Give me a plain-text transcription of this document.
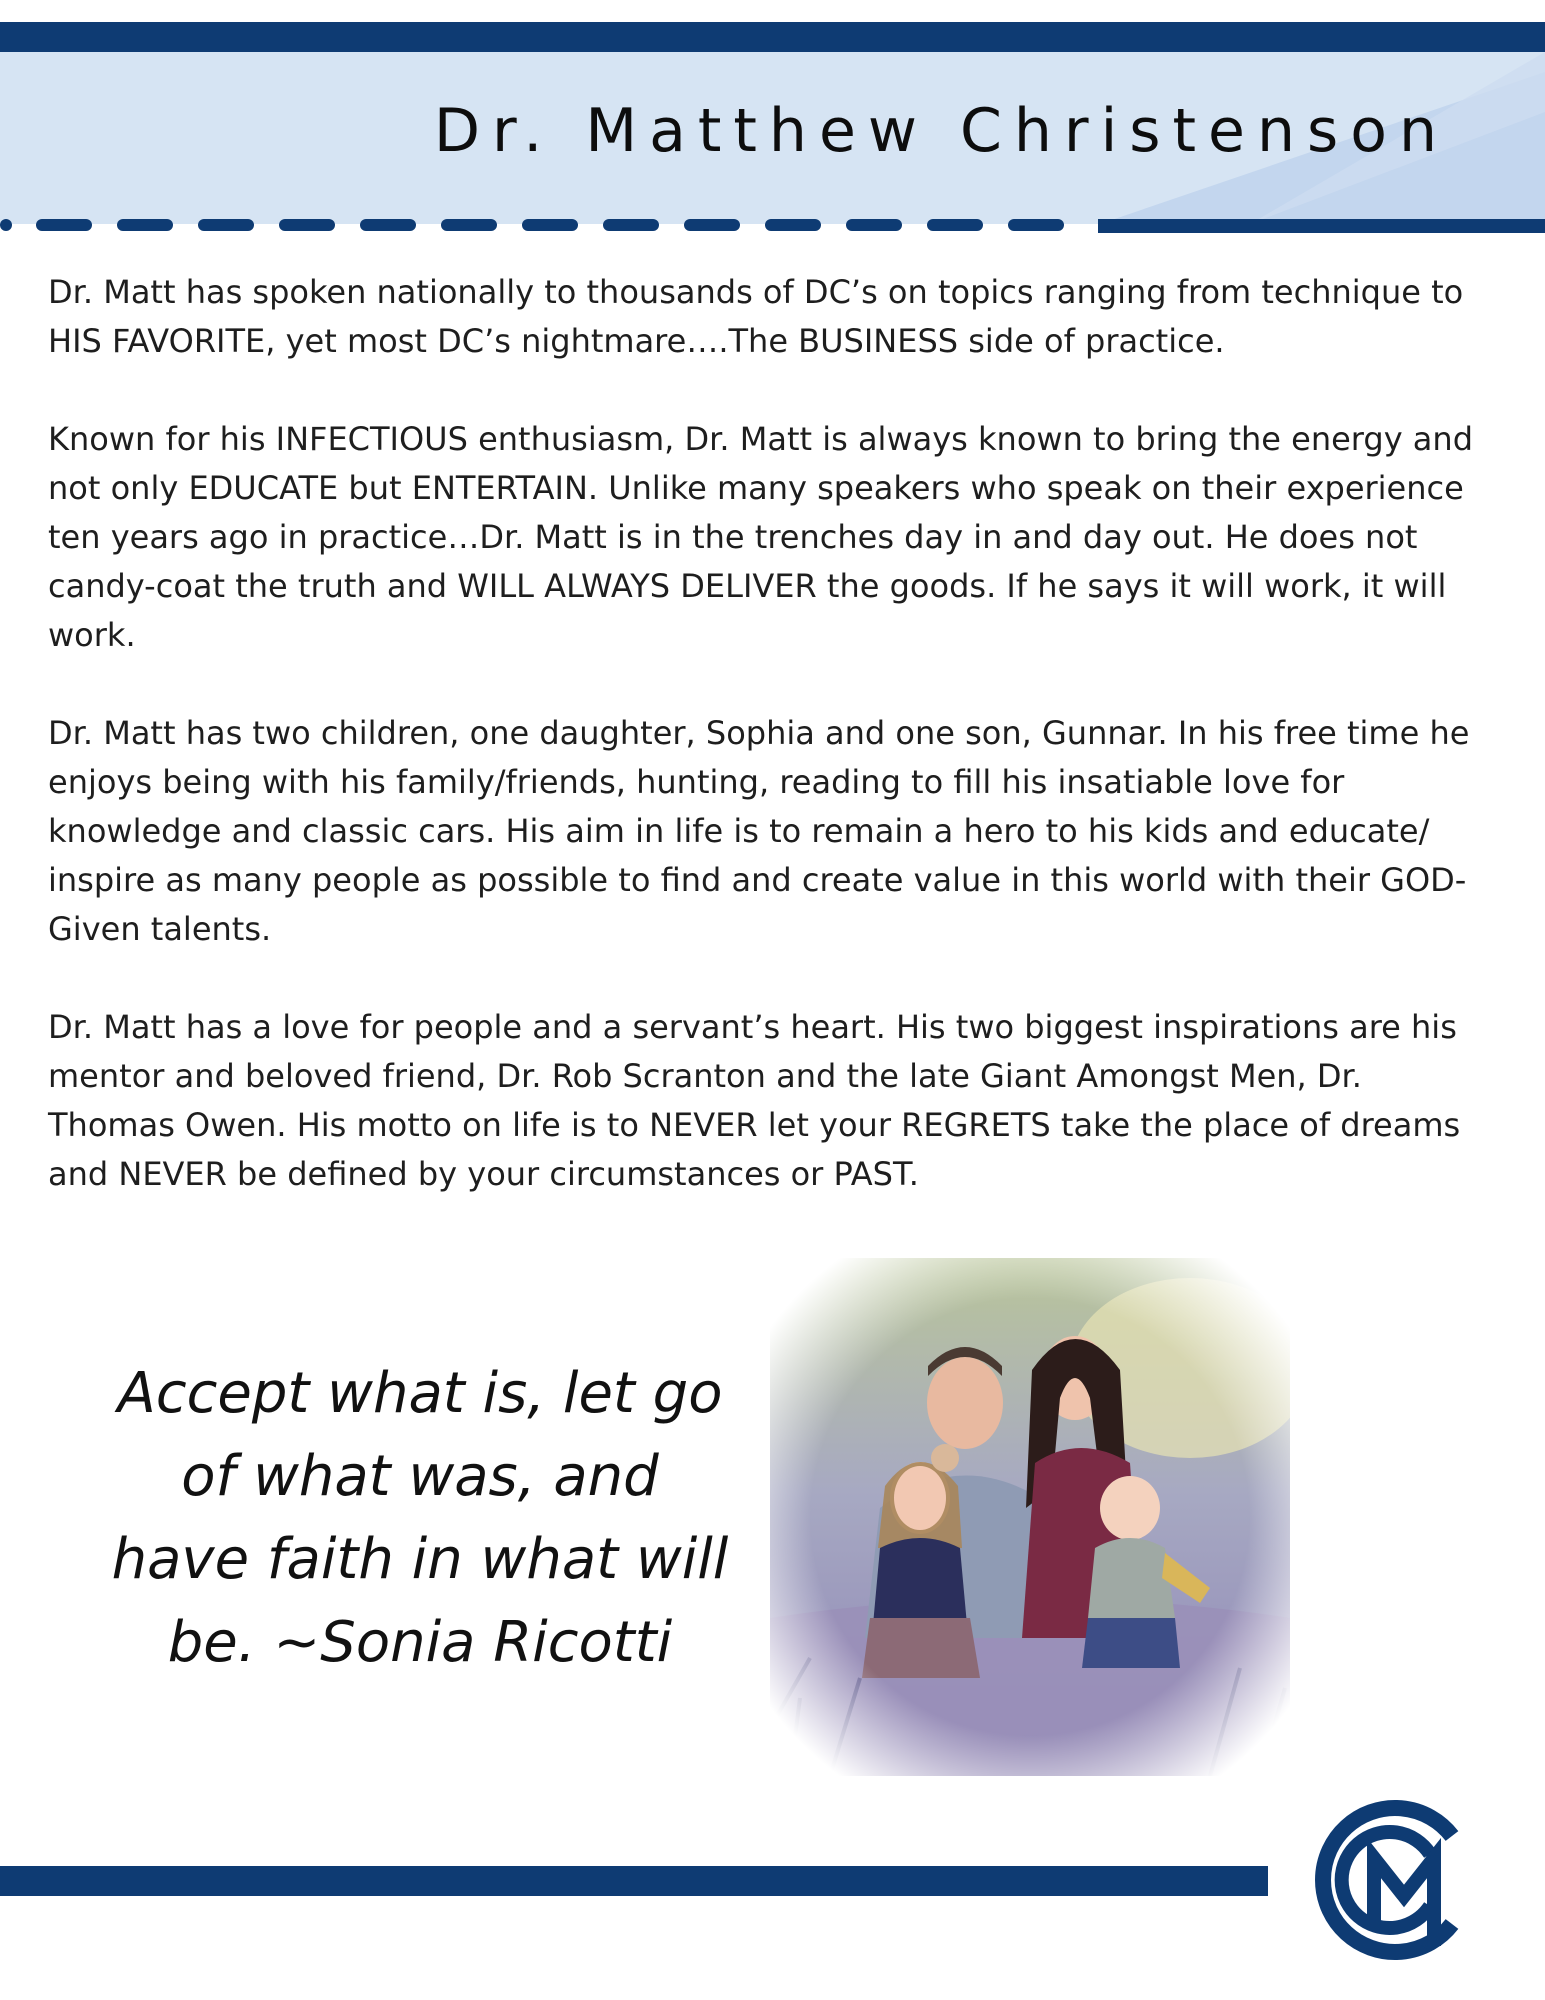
Dr. Matthew Christenson

Dr. Matt has spoken nationally to thousands of DC’s on topics ranging from technique to HIS FAVORITE, yet most DC’s nightmare….The BUSINESS side of practice.

Known for his INFECTIOUS enthusiasm, Dr. Matt is always known to bring the energy and not only EDUCATE but ENTERTAIN. Unlike many speakers who speak on their experience ten years ago in practice…Dr. Matt is in the trenches day in and day out. He does not candy-coat the truth and WILL ALWAYS DELIVER the goods. If he says it will work, it will work.

Dr. Matt has two children, one daughter, Sophia and one son, Gunnar. In his free time he enjoys being with his family/friends, hunting, reading to fill his insatiable love for knowledge and classic cars. His aim in life is to remain a hero to his kids and educate/ inspire as many people as possible to find and create value in this world with their GOD-Given talents.

Dr. Matt has a love for people and a servant’s heart. His two biggest inspirations are his mentor and beloved friend, Dr. Rob Scranton and the late Giant Amongst Men, Dr. Thomas Owen. His motto on life is to NEVER let your REGRETS take the place of dreams and NEVER be defined by your circumstances or PAST.

Accept what is, let go of what was, and have faith in what will be. ~Sonia Ricotti
